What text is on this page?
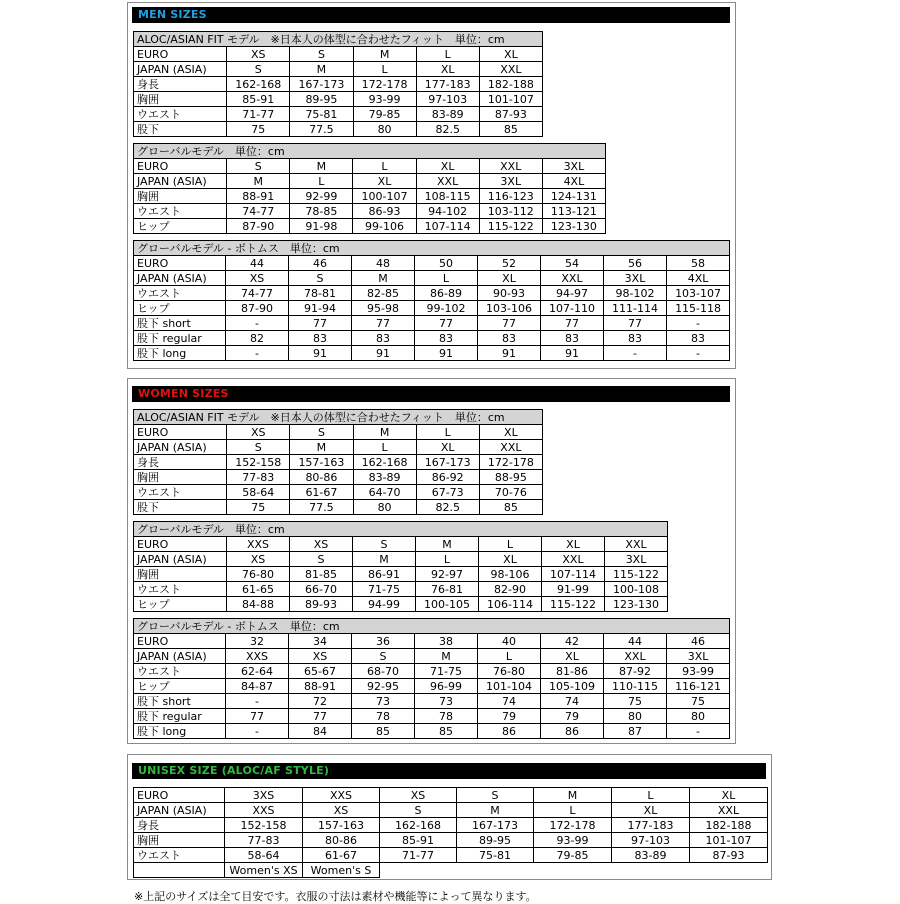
MEN SIZES
ALOC/ASIAN FIT モデル　※日本人の体型に合わせたフィット　単位：cm					
EURO	XS	S	M	L	XL
JAPAN (ASIA)	S	M	L	XL	XXL
身長	162-168	167-173	172-178	177-183	182-188
胸囲	85-91	89-95	93-99	97-103	101-107
ウエスト	71-77	75-81	79-85	83-89	87-93
股下	75	77.5	80	82.5	85
グローバルモデル　単位：cm						
EURO	S	M	L	XL	XXL	3XL
JAPAN (ASIA)	M	L	XL	XXL	3XL	4XL
胸囲	88-91	92-99	100-107	108-115	116-123	124-131
ウエスト	74-77	78-85	86-93	94-102	103-112	113-121
ヒップ	87-90	91-98	99-106	107-114	115-122	123-130
グローバルモデル - ボトムス　単位：cm								
EURO	44	46	48	50	52	54	56	58
JAPAN (ASIA)	XS	S	M	L	XL	XXL	3XL	4XL
ウエスト	74-77	78-81	82-85	86-89	90-93	94-97	98-102	103-107
ヒップ	87-90	91-94	95-98	99-102	103-106	107-110	111-114	115-118
股下 short	-	77	77	77	77	77	77	-
股下 regular	82	83	83	83	83	83	83	83
股下 long	-	91	91	91	91	91	-	-
WOMEN SIZES
ALOC/ASIAN FIT モデル　※日本人の体型に合わせたフィット　単位：cm					
EURO	XS	S	M	L	XL
JAPAN (ASIA)	S	M	L	XL	XXL
身長	152-158	157-163	162-168	167-173	172-178
胸囲	77-83	80-86	83-89	86-92	88-95
ウエスト	58-64	61-67	64-70	67-73	70-76
股下	75	77.5	80	82.5	85
グローバルモデル　単位：cm							
EURO	XXS	XS	S	M	L	XL	XXL
JAPAN (ASIA)	XS	S	M	L	XL	XXL	3XL
胸囲	76-80	81-85	86-91	92-97	98-106	107-114	115-122
ウエスト	61-65	66-70	71-75	76-81	82-90	91-99	100-108
ヒップ	84-88	89-93	94-99	100-105	106-114	115-122	123-130
グローバルモデル - ボトムス　単位：cm								
EURO	32	34	36	38	40	42	44	46
JAPAN (ASIA)	XXS	XS	S	M	L	XL	XXL	3XL
ウエスト	62-64	65-67	68-70	71-75	76-80	81-86	87-92	93-99
ヒップ	84-87	88-91	92-95	96-99	101-104	105-109	110-115	116-121
股下 short	-	72	73	73	74	74	75	75
股下 regular	77	77	78	78	79	79	80	80
股下 long	-	84	85	85	86	86	87	-
UNISEX SIZE (ALOC/AF STYLE)
EURO	3XS	XXS	XS	S	M	L	XL
JAPAN (ASIA)	XXS	XS	S	M	L	XL	XXL
身長	152-158	157-163	162-168	167-173	172-178	177-183	182-188
胸囲	77-83	80-86	85-91	89-95	93-99	97-103	101-107
ウエスト	58-64	61-67	71-77	75-81	79-85	83-89	87-93
	Women's XS	Women's S					
※上記のサイズは全て目安です。衣服の寸法は素材や機能等によって異なります。
